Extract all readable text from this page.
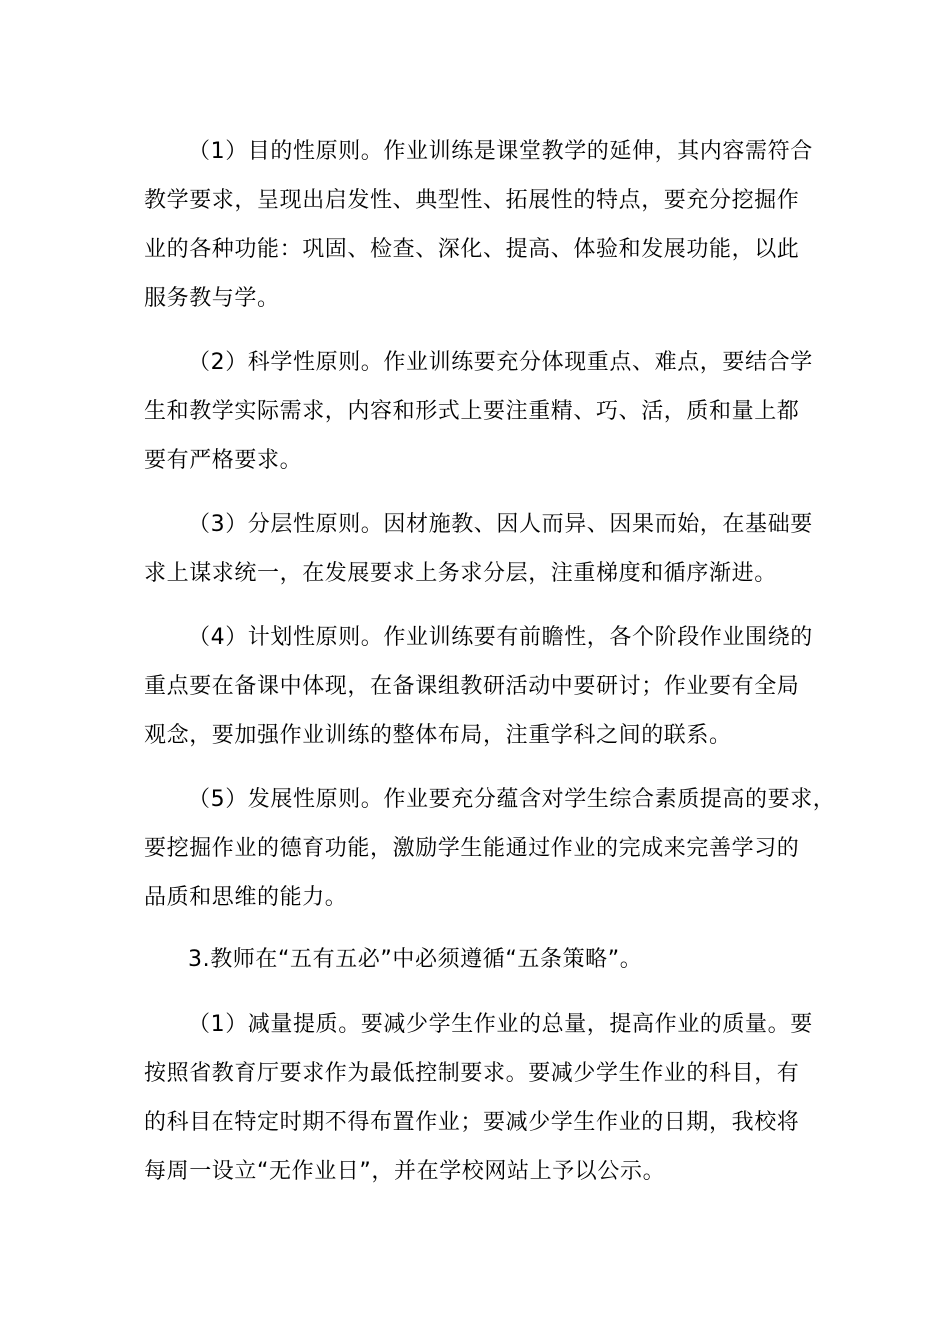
（1）目的性原则。作业训练是课堂教学的延伸，其内容需符合
教学要求，呈现出启发性、典型性、拓展性的特点，要充分挖掘作
业的各种功能：巩固、检查、深化、提高、体验和发展功能，以此
服务教与学。
（2）科学性原则。作业训练要充分体现重点、难点，要结合学
生和教学实际需求，内容和形式上要注重精、巧、活，质和量上都
要有严格要求。
（3）分层性原则。因材施教、因人而异、因果而始，在基础要
求上谋求统一，在发展要求上务求分层，注重梯度和循序渐进。
（4）计划性原则。作业训练要有前瞻性，各个阶段作业围绕的
重点要在备课中体现，在备课组教研活动中要研讨；作业要有全局
观念，要加强作业训练的整体布局，注重学科之间的联系。
（5）发展性原则。作业要充分蕴含对学生综合素质提高的要求，
要挖掘作业的德育功能，激励学生能通过作业的完成来完善学习的
品质和思维的能力。
3.教师在“五有五必”中必须遵循“五条策略”。
（1）减量提质。要减少学生作业的总量，提高作业的质量。要
按照省教育厅要求作为最低控制要求。要减少学生作业的科目，有
的科目在特定时期不得布置作业；要减少学生作业的日期，我校将
每周一设立“无作业日”，并在学校网站上予以公示。
